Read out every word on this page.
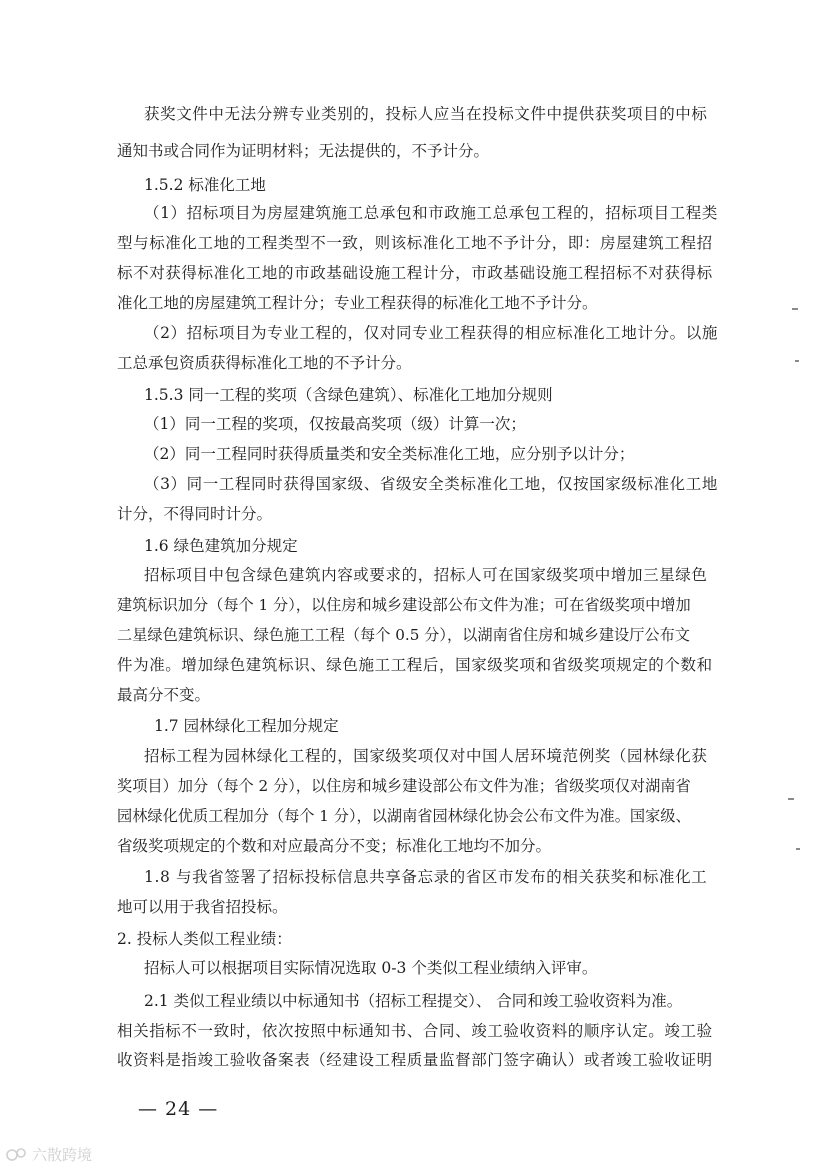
获奖文件中无法分辨专业类别的，投标人应当在投标文件中提供获奖项目的中标
通知书或合同作为证明材料；无法提供的，不予计分。
1.5.2 标准化工地
（1）招标项目为房屋建筑施工总承包和市政施工总承包工程的，招标项目工程类
型与标准化工地的工程类型不一致，则该标准化工地不予计分，即：房屋建筑工程招
标不对获得标准化工地的市政基础设施工程计分，市政基础设施工程招标不对获得标
准化工地的房屋建筑工程计分；专业工程获得的标准化工地不予计分。
（2）招标项目为专业工程的，仅对同专业工程获得的相应标准化工地计分。以施
工总承包资质获得标准化工地的不予计分。
1.5.3 同一工程的奖项（含绿色建筑）、标准化工地加分规则
（1）同一工程的奖项，仅按最高奖项（级）计算一次；
（2）同一工程同时获得质量类和安全类标准化工地，应分别予以计分；
（3）同一工程同时获得国家级、省级安全类标准化工地，仅按国家级标准化工地
计分，不得同时计分。
1.6 绿色建筑加分规定
招标项目中包含绿色建筑内容或要求的，招标人可在国家级奖项中增加三星绿色
建筑标识加分（每个 1 分），以住房和城乡建设部公布文件为准；可在省级奖项中增加
二星绿色建筑标识、绿色施工工程（每个 0.5 分），以湖南省住房和城乡建设厅公布文
件为准。增加绿色建筑标识、绿色施工工程后，国家级奖项和省级奖项规定的个数和
最高分不变。
1.7 园林绿化工程加分规定
招标工程为园林绿化工程的，国家级奖项仅对中国人居环境范例奖（园林绿化获
奖项目）加分（每个 2 分），以住房和城乡建设部公布文件为准；省级奖项仅对湖南省
园林绿化优质工程加分（每个 1 分），以湖南省园林绿化协会公布文件为准。国家级、
省级奖项规定的个数和对应最高分不变；标准化工地均不加分。
1.8 与我省签署了招标投标信息共享备忘录的省区市发布的相关获奖和标准化工
地可以用于我省招投标。
2. 投标人类似工程业绩：
招标人可以根据项目实际情况选取 0-3 个类似工程业绩纳入评审。
2.1 类似工程业绩以中标通知书（招标工程提交）、 合同和竣工验收资料为准。
相关指标不一致时，依次按照中标通知书、合同、竣工验收资料的顺序认定。竣工验
收资料是指竣工验收备案表（经建设工程质量监督部门签字确认）或者竣工验收证明
— 24 —
六散跨境
